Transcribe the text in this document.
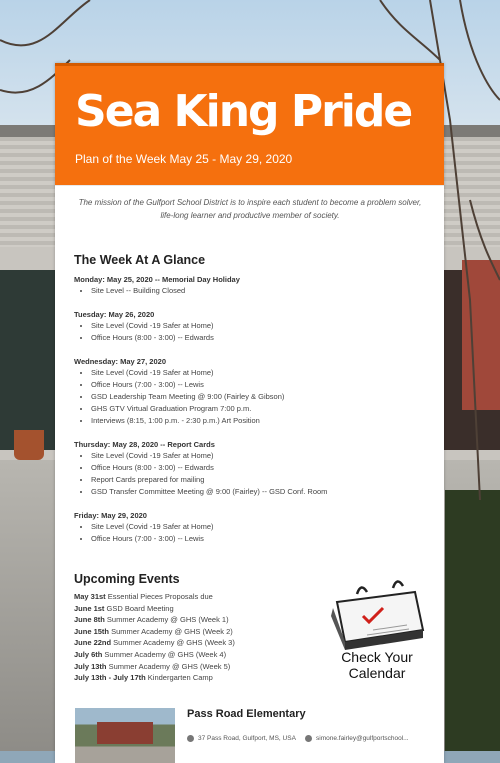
Sea King Pride
Plan of the Week May 25 - May 29, 2020
The mission of the Gulfport School District is to inspire each student to become a problem solver, life-long learner and productive member of society.
The Week At A Glance
Monday: May 25, 2020 -- Memorial Day Holiday
• Site Level -- Building Closed
Tuesday: May 26, 2020
• Site Level (Covid -19 Safer at Home)
• Office Hours (8:00 - 3:00) -- Edwards
Wednesday: May 27, 2020
• Site Level (Covid -19 Safer at Home)
• Office Hours (7:00 - 3:00) -- Lewis
• GSD Leadership Team Meeting @ 9:00 (Fairley & Gibson)
• GHS GTV Virtual Graduation Program 7:00 p.m.
• Interviews (8:15, 1:00 p.m. - 2:30 p.m.) Art Position
Thursday: May 28, 2020 -- Report Cards
• Site Level (Covid -19 Safer at Home)
• Office Hours (8:00 - 3:00) -- Edwards
• Report Cards prepared for mailing
• GSD Transfer Committee Meeting @ 9:00 (Fairley) -- GSD Conf. Room
Friday: May 29, 2020
• Site Level (Covid -19 Safer at Home)
• Office Hours (7:00 - 3:00) -- Lewis
Upcoming Events
May 31st Essential Pieces Proposals due
June 1st GSD Board Meeting
June 8th Summer Academy @ GHS (Week 1)
June 15th Summer Academy @ GHS (Week 2)
June 22nd Summer Academy @ GHS (Week 3)
July 6th Summer Academy @ GHS (Week 4)
July 13th Summer Academy @ GHS (Week 5)
July 13th - July 17th Kindergarten Camp
Check Your
Calendar
Pass Road Elementary
37 Pass Road, Gulfport, MS, USA	simone.fairley@gulfportschool...
